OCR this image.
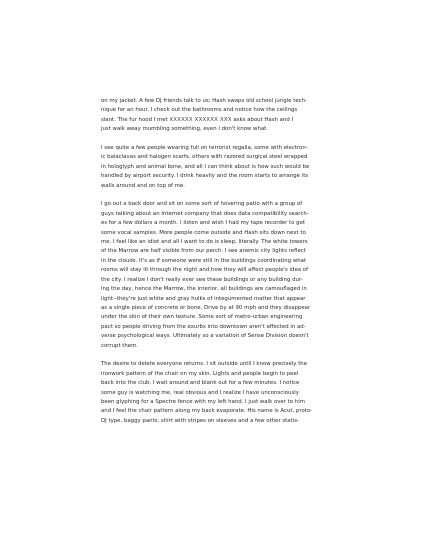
on my jacket. A few DJ friends talk to us; Hash swaps old school jungle tech-
nique for an hour. I check out the bathrooms and notice how the ceilings
slant. The fur hood I met XXXXXX XXXXXX XXX asks about Hash and I
just walk away mumbling something, even I don't know what.

I see quite a few people wearing full on terrorist regalia, some with electron-
ic balaclavas and halogen scarfs, others with razored surgical steel wrapped
in hologlyph and animal bone, and all I can think about is how such would be
handled by airport security. I drink heavily and the room starts to arrange its
walls around and on top of me.

I go out a back door and sit on some sort of hovering patio with a group of
guys talking about an Internet company that does data compatibility search-
es for a few dollars a month. I listen and wish I had my tape recorder to get
some vocal samples. More people come outside and Hash sits down next to
me. I feel like an idiot and all I want to do is sleep, literally. The white towers
of the Marrow are half visible from our perch. I see anemic city lights reflect
in the clouds. It's as if someone were still in the buildings coordinating what
rooms will stay lit through the night and how they will affect people's idea of
the city. I realize I don't really ever see these buildings or any building dur-
ing the day, hence the Marrow, the interior, all buildings are camouflaged in
light--they're just white and gray hulks of integumented matter that appear
as a single piece of concrete or bone. Drive by at 90 mph and they disappear
under the skin of their own texture. Some sort of metro-urban engineering
pact so people driving from the exurbs into downtown aren't affected in ad-
verse psychological ways. Ultimately so a variation of Sense Division doesn't
corrupt them.

The desire to delete everyone returns. I sit outside until I know precisely the
ironwork pattern of the chair on my skin. Lights and people begin to peel
back into the club. I wait around and blank out for a few minutes. I notice
some guy is watching me, real obvious and I realize I have unconsciously
been glyphing for a Spectre fence with my left hand. I just walk over to him
and I feel the chair pattern along my back evaporate. His name is Acut, proto-
DJ type, baggy pants, shirt with stripes on sleeves and a few other statis-
